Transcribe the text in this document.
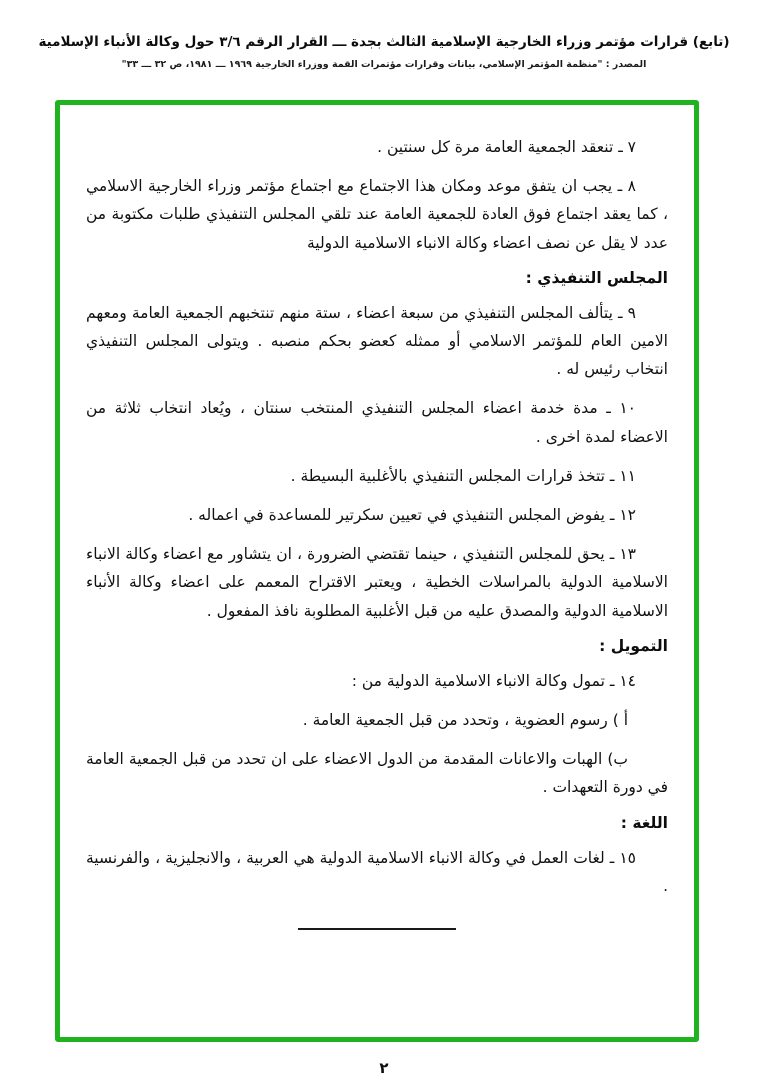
(تابع) قرارات مؤتمر وزراء الخارجية الإسلامية الثالث بجدة ـــ القرار الرقم ٣/٦ حول وكالة الأنباء الإسلامية
المصدر : "منظمة المؤتمر الإسلامي، بيانات وقرارات مؤتمرات القمة ووزراء الخارجية ١٩٦٩ ـــ ١٩٨١، ص ٣٢ ـــ ٣٣"

٧ ـ تنعقد الجمعية العامة مرة كل سنتين .

٨ ـ يجب ان يتفق موعد ومكان هذا الاجتماع مع اجتماع مؤتمر وزراء الخارجية الاسلامي ، كما يعقد اجتماع فوق العادة للجمعية العامة عند تلقي المجلس التنفيذي طلبات مكتوبة من عدد لا يقل عن نصف اعضاء وكالة الانباء الاسلامية الدولية

المجلس التنفيذي :

٩ ـ يتألف المجلس التنفيذي من سبعة اعضاء ، ستة منهم تنتخبهم الجمعية العامة ومعهم الامين العام للمؤتمر الاسلامي أو ممثله كعضو بحكم منصبه . ويتولى المجلس التنفيذي انتخاب رئيس له .

١٠ ـ مدة خدمة اعضاء المجلس التنفيذي المنتخب سنتان ، ويُعاد انتخاب ثلاثة من الاعضاء لمدة اخرى .

١١ ـ تتخذ قرارات المجلس التنفيذي بالأغلبية البسيطة .

١٢ ـ يفوض المجلس التنفيذي في تعيين سكرتير للمساعدة في اعماله .

١٣ ـ يحق للمجلس التنفيذي ، حينما تقتضي الضرورة ، ان يتشاور مع اعضاء وكالة الانباء الاسلامية الدولية بالمراسلات الخطية ، ويعتبر الاقتراح المعمم على اعضاء وكالة الأنباء الاسلامية الدولية والمصدق عليه من قبل الأغلبية المطلوبة نافذ المفعول .

التمويل :

١٤ ـ تمول وكالة الانباء الاسلامية الدولية من :

أ ) رسوم العضوية ، وتحدد من قبل الجمعية العامة .

ب) الهبات والاعانات المقدمة من الدول الاعضاء على ان تحدد من قبل الجمعية العامة في دورة التعهدات .

اللغة :

١٥ ـ لغات العمل في وكالة الانباء الاسلامية الدولية هي العربية ، والانجليزية ، والفرنسية .

٢
